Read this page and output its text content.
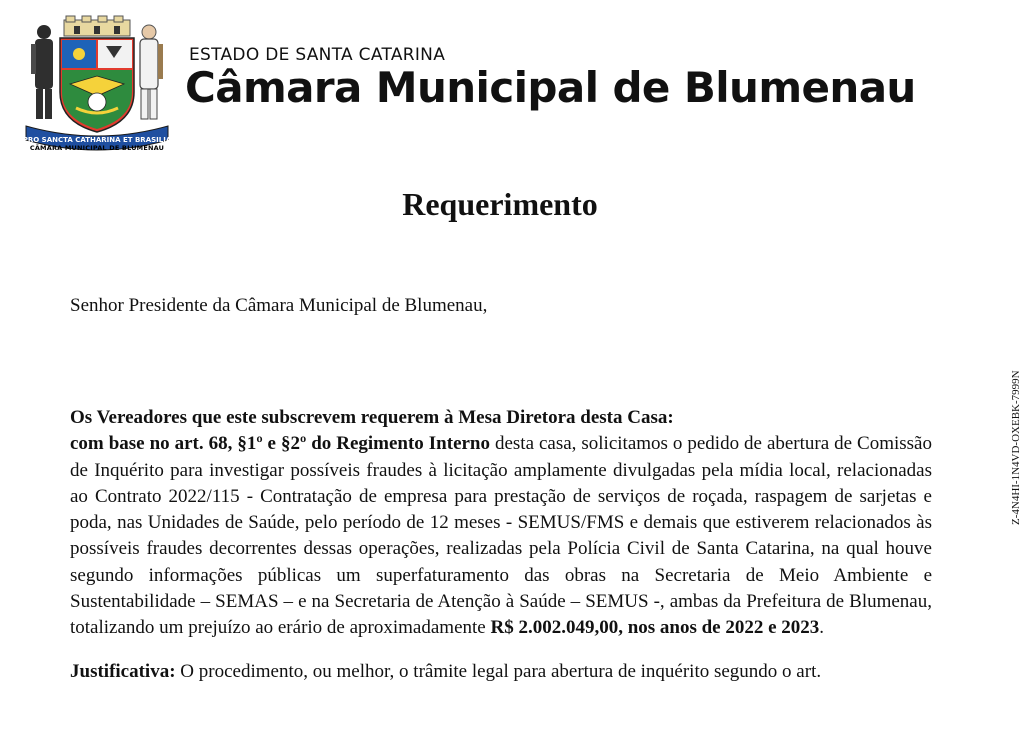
PRO SANCTA CATHARINA ET BRASILIA
CÂMARA MUNICIPAL DE BLUMENAU
ESTADO DE SANTA CATARINA
Câmara Municipal de Blumenau
Requerimento
Senhor Presidente da Câmara Municipal de Blumenau,
Os Vereadores que este subscrevem requerem à Mesa Diretora desta Casa:

com base no art. 68, §1º e §2º do Regimento Interno desta casa, solicitamos o pedido de abertura de Comissão de Inquérito para investigar possíveis fraudes à licitação amplamente divulgadas pela mídia local, relacionadas ao Contrato 2022/115 - Contratação de empresa para prestação de serviços de roçada, raspagem de sarjetas e poda, nas Unidades de Saúde, pelo período de 12 meses - SEMUS/FMS e demais que estiverem relacionados às possíveis fraudes decorrentes dessas operações, realizadas pela Polícia Civil de Santa Catarina, na qual houve segundo informações públicas um superfaturamento das obras na Secretaria de Meio Ambiente e Sustentabilidade – SEMAS – e na Secretaria de Atenção à Saúde – SEMUS -, ambas da Prefeitura de Blumenau, totalizando um prejuízo ao erário de aproximadamente R$ 2.002.049,00, nos anos de 2022 e 2023.

Justificativa: O procedimento, ou melhor, o trâmite legal para abertura de inquérito segundo o art.

Z-4N4HI-1N4VD-OXEBK-7999N
